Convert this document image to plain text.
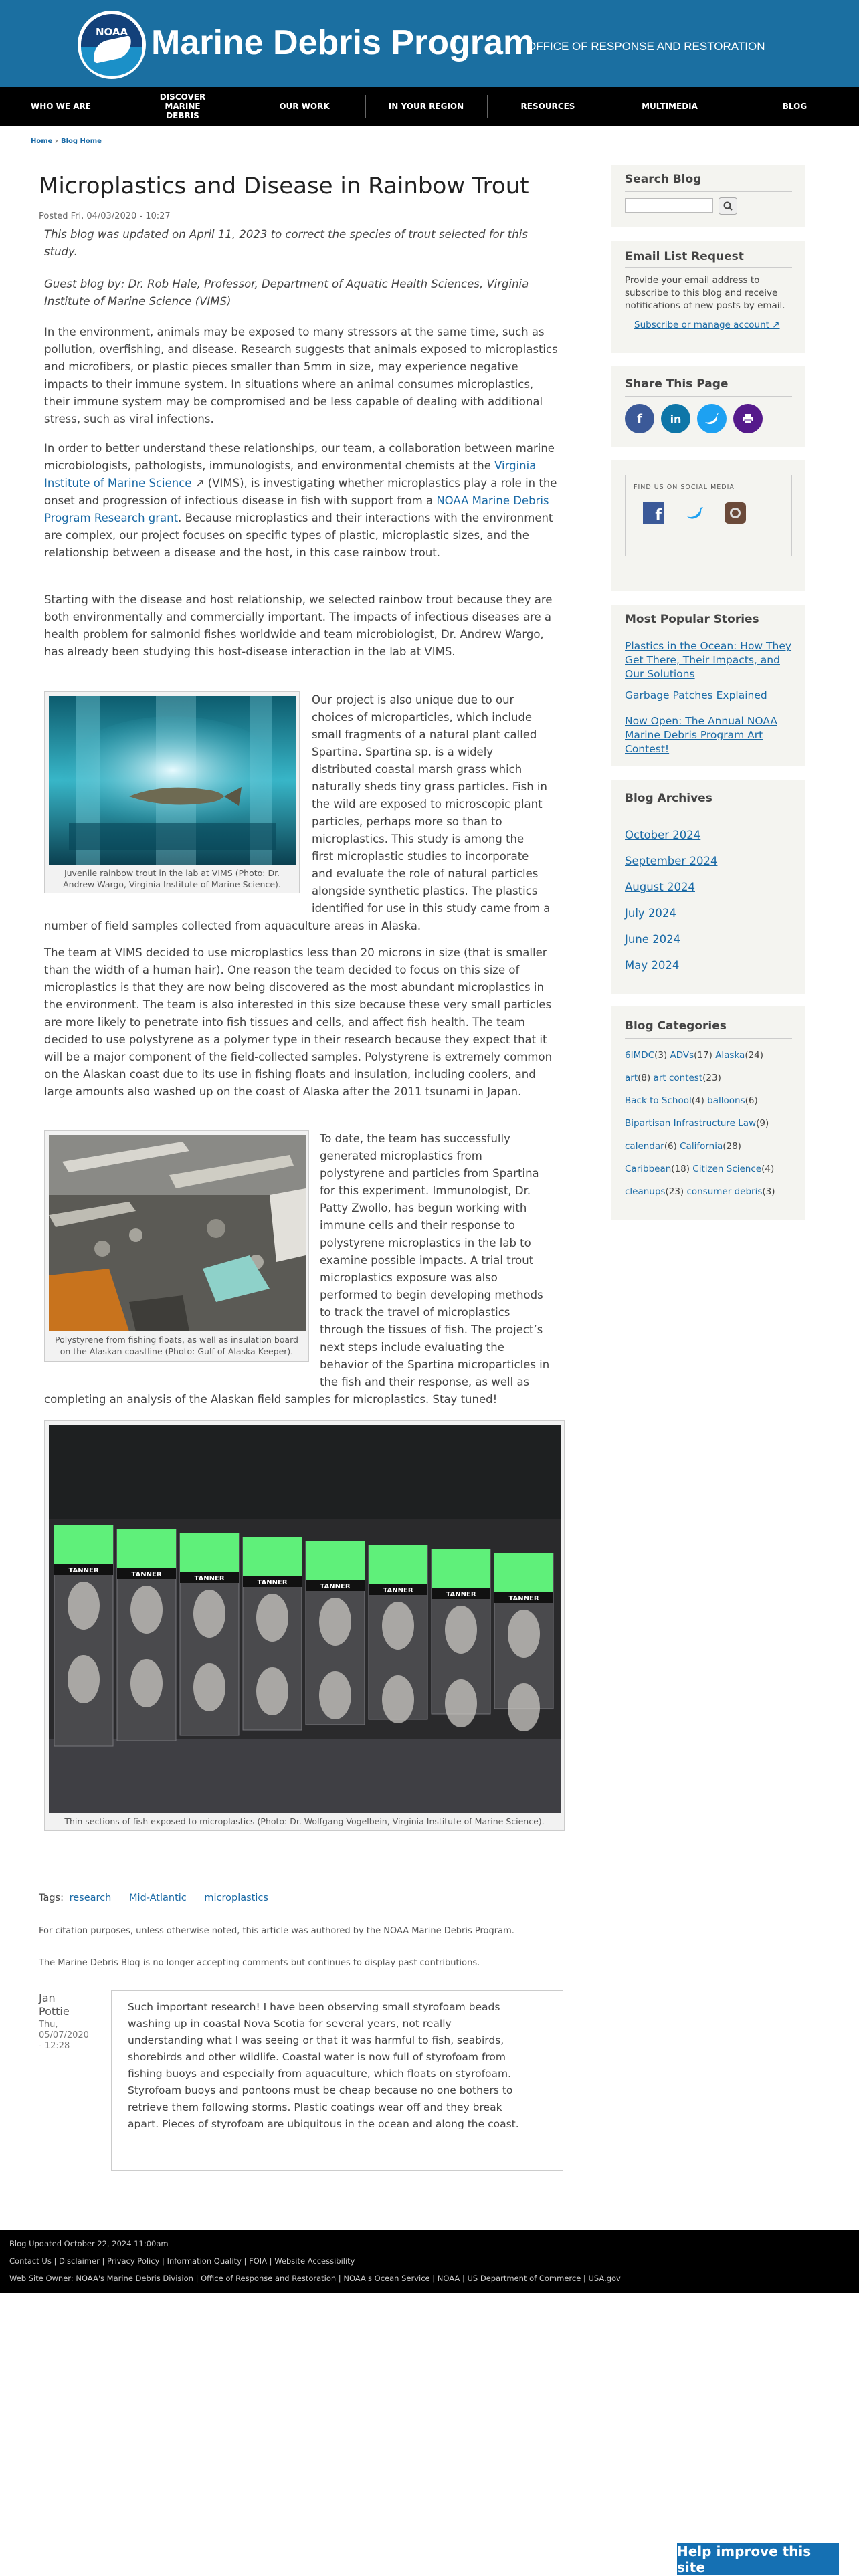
NOAA Marine Debris Program
OFFICE OF RESPONSE AND RESTORATION
WHO WE ARE
DISCOVER MARINE DEBRIS
OUR WORK	IN YOUR REGION	RESOURCES	MULTIMEDIA	BLOG
Home » Blog Home
Microplastics and Disease in Rainbow Trout
Posted Fri, 04/03/2020 - 10:27
This blog was updated on April 11, 2023 to correct the species of trout selected for this study.
Guest blog by: Dr. Rob Hale, Professor, Department of Aquatic Health Sciences, Virginia Institute of Marine Science (VIMS)
In the environment, animals may be exposed to many stressors at the same time, such as pollution, overfishing, and disease. Research suggests that animals exposed to microplastics and microfibers, or plastic pieces smaller than 5mm in size, may experience negative impacts to their immune system. In situations where an animal consumes microplastics, their immune system may be compromised and be less capable of dealing with additional stress, such as viral infections.
In order to better understand these relationships, our team, a collaboration between marine microbiologists, pathologists, immunologists, and environmental chemists at the Virginia Institute of Marine Science ↗ (VIMS), is investigating whether microplastics play a role in the onset and progression of infectious disease in fish with support from a NOAA Marine Debris Program Research grant. Because microplastics and their interactions with the environment are complex, our project focuses on specific types of plastic, microplastic sizes, and the relationship between a disease and the host, in this case rainbow trout.
Starting with the disease and host relationship, we selected rainbow trout because they are both environmentally and commercially important. The impacts of infectious diseases are a health problem for salmonid fishes worldwide and team microbiologist, Dr. Andrew Wargo, has already been studying this host-disease interaction in the lab at VIMS.
Juvenile rainbow trout in the lab at VIMS (Photo: Dr. Andrew Wargo, Virginia Institute of Marine Science).
Our project is also unique due to our
choices of microparticles, which include
small fragments of a natural plant called
Spartina. Spartina sp. is a widely
distributed coastal marsh grass which
naturally sheds tiny grass particles. Fish in
the wild are exposed to microscopic plant
particles, perhaps more so than to
microplastics. This study is among the
first microplastic studies to incorporate
and evaluate the role of natural particles
alongside synthetic plastics. The plastics
identified for use in this study came from a
number of field samples collected from aquaculture areas in Alaska.
The team at VIMS decided to use microplastics less than 20 microns in size (that is smaller than the width of a human hair). One reason the team decided to focus on this size of microplastics is that they are now being discovered as the most abundant microplastics in the environment. The team is also interested in this size because these very small particles are more likely to penetrate into fish tissues and cells, and affect fish health. The team decided to use polystyrene as a polymer type in their research because they expect that it will be a major component of the field-collected samples. Polystyrene is extremely common on the Alaskan coast due to its use in fishing floats and insulation, including coolers, and large amounts also washed up on the coast of Alaska after the 2011 tsunami in Japan.
Polystyrene from fishing floats, as well as insulation board on the Alaskan coastline (Photo: Gulf of Alaska Keeper).
To date, the team has successfully
generated microplastics from
polystyrene and particles from Spartina
for this experiment. Immunologist, Dr.
Patty Zwollo, has begun working with
immune cells and their response to
polystyrene microplastics in the lab to
examine possible impacts. A trial trout
microplastics exposure was also
performed to begin developing methods
to track the travel of microplastics
through the tissues of fish. The project’s
next steps include evaluating the
behavior of the Spartina microparticles in
the fish and their response, as well as
completing an analysis of the Alaskan field samples for microplastics. Stay tuned!
TANNER
TANNER
TANNER
TANNER
TANNER
TANNER
TANNER
TANNER
Thin sections of fish exposed to microplastics (Photo: Dr. Wolfgang Vogelbein, Virginia Institute of Marine Science).
Tags: research Mid-Atlantic microplastics
For citation purposes, unless otherwise noted, this article was authored by the NOAA Marine Debris Program.
The Marine Debris Blog is no longer accepting comments but continues to display past contributions.
Jan
Pottie
Thu,
05/07/2020
- 12:28
Such important research! I have been observing small styrofoam beads washing up in coastal Nova Scotia for several years, not really understanding what I was seeing or that it was harmful to fish, seabirds, shorebirds and other wildlife. Coastal water is now full of styrofoam from fishing buoys and especially from aquaculture, which floats on styrofoam. Styrofoam buoys and pontoons must be cheap because no one bothers to retrieve them following storms. Plastic coatings wear off and they break apart. Pieces of styrofoam are ubiquitous in the ocean and along the coast.
Search Blog
Email List Request
Provide your email address to subscribe to this blog and receive notifications of new posts by email.
Subscribe or manage account ↗
Share This Page
f	in
FIND US ON SOCIAL MEDIA
f
Most Popular Stories
Plastics in the Ocean: How They Get There, Their Impacts, and Our Solutions
Garbage Patches Explained
Now Open: The Annual NOAA Marine Debris Program Art Contest!
Blog Archives
October 2024
September 2024
August 2024
July 2024
June 2024
May 2024
Blog Categories
6IMDC(3) ADVs(17) Alaska(24)
art(8) art contest(23)
Back to School(4) balloons(6)
Bipartisan Infrastructure Law(9)
calendar(6) California(28)
Caribbean(18) Citizen Science(4)
cleanups(23) consumer debris(3)
Blog Updated October 22, 2024 11:00am
Contact Us | Disclaimer | Privacy Policy | Information Quality | FOIA | Website Accessibility
Web Site Owner: NOAA's Marine Debris Division | Office of Response and Restoration | NOAA's Ocean Service | NOAA | US Department of Commerce | USA.gov
Help improve this site
